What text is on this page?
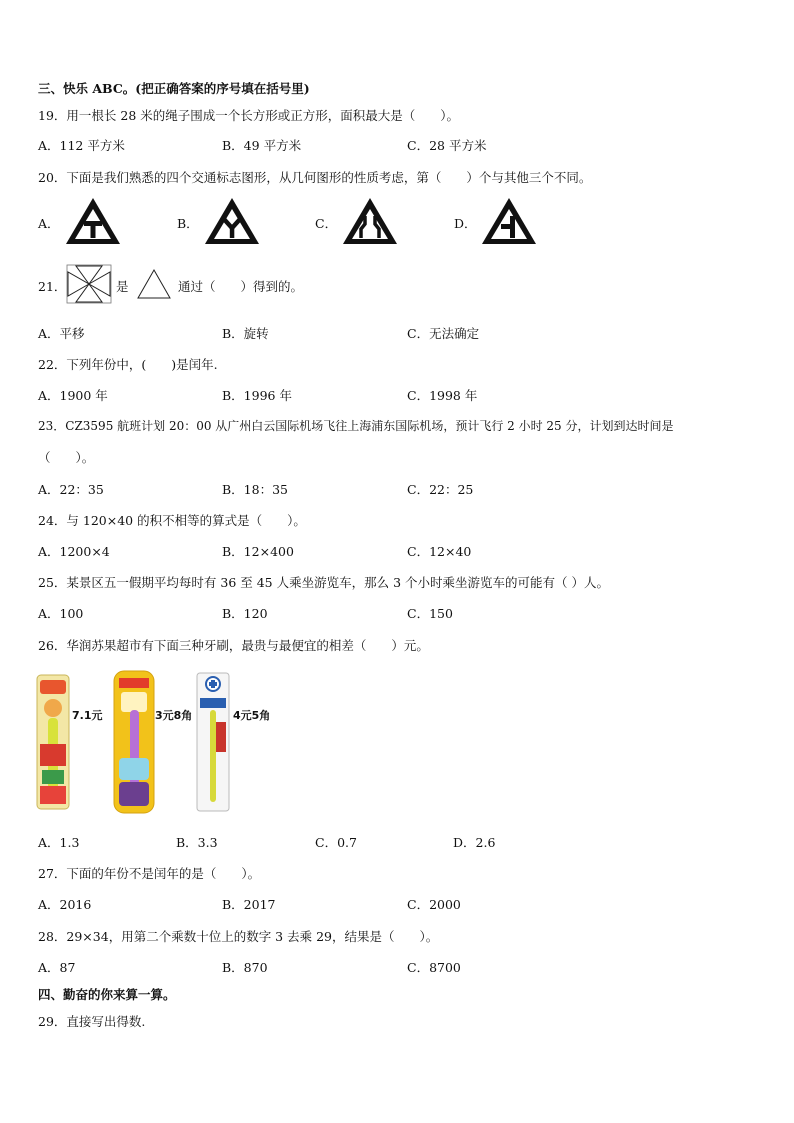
三、快乐 ABC。(把正确答案的序号填在括号里)
19．用一根长 28 米的绳子围成一个长方形或正方形，面积最大是（　　）。
A．112 平方米	B．49 平方米	C．28 平方米
20．下面是我们熟悉的四个交通标志图形，从几何图形的性质考虑，第（　　）个与其他三个不同。
A．	B．	C．	D．
21．	是	通过（　　）得到的。
A．平移	B．旋转	C．无法确定
22．下列年份中，(　　)是闰年.
A．1900 年	B．1996 年	C．1998 年
23．CZ3595 航班计划 20：00 从广州白云国际机场飞往上海浦东国际机场，预计飞行 2 小时 25 分，计划到达时间是
（　　）。
A．22：35	B．18：35	C．22：25
24．与 120×40 的积不相等的算式是（　　）。
A．1200×4	B．12×400	C．12×40
25．某景区五一假期平均每时有 36 至 45 人乘坐游览车，那么 3 个小时乘坐游览车的可能有（ ）人。
A．100	B．120	C．150
26．华润苏果超市有下面三种牙刷，最贵与最便宜的相差（　　）元。
7.1元	3元8角	4元5角
A．1.3	B．3.3	C．0.7	D．2.6
27．下面的年份不是闰年的是（　　）。
A．2016	B．2017	C．2000
28．29×34，用第二个乘数十位上的数字 3 去乘 29，结果是（　　）。
A．87	B．870	C．8700
四、勤奋的你来算一算。
29．直接写出得数.
